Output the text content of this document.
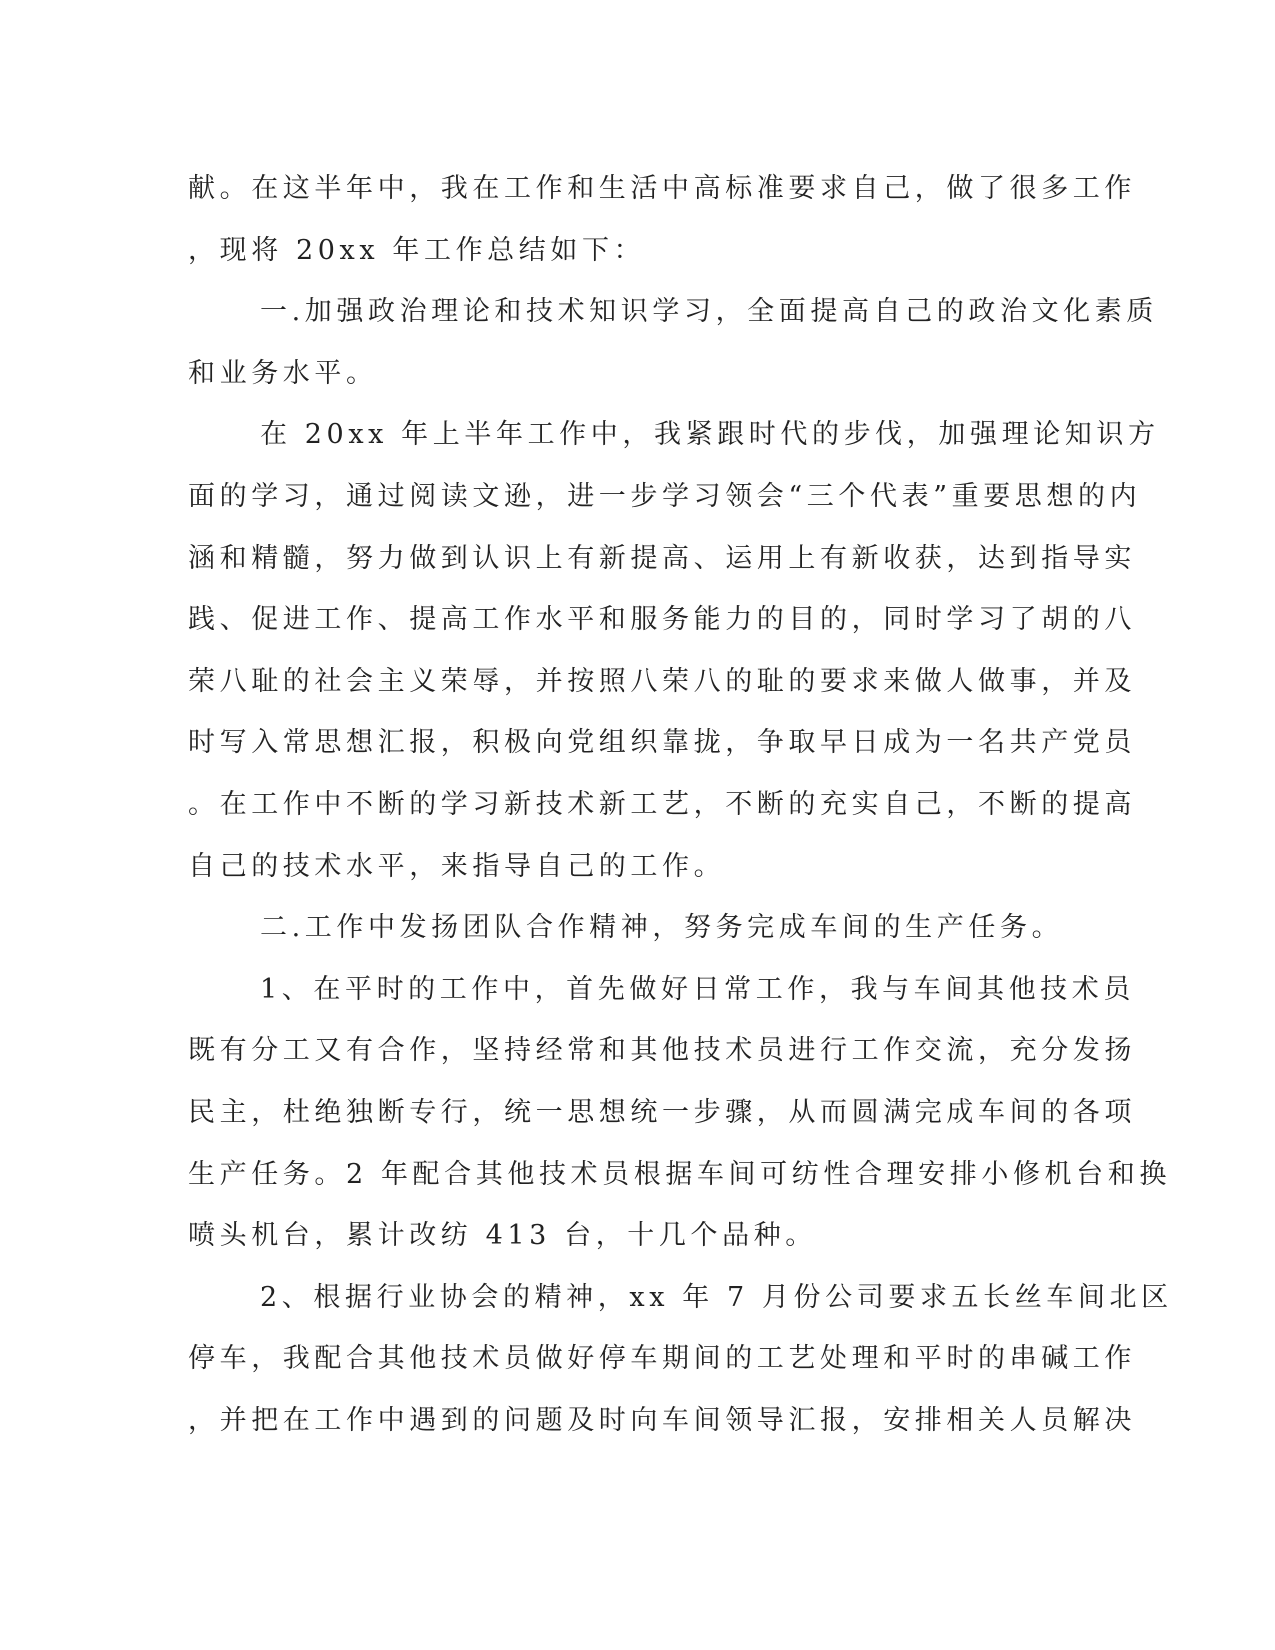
献。在这半年中，我在工作和生活中高标准要求自己，做了很多工作
，现将 20xx 年工作总结如下：
一.加强政治理论和技术知识学习，全面提高自己的政治文化素质
和业务水平。
在 20xx 年上半年工作中，我紧跟时代的步伐，加强理论知识方
面的学习，通过阅读文逊，进一步学习领会“三个代表”重要思想的内
涵和精髓，努力做到认识上有新提高、运用上有新收获，达到指导实
践、促进工作、提高工作水平和服务能力的目的，同时学习了胡的八
荣八耻的社会主义荣辱，并按照八荣八的耻的要求来做人做事，并及
时写入常思想汇报，积极向党组织靠拢，争取早日成为一名共产党员
。在工作中不断的学习新技术新工艺，不断的充实自己，不断的提高
自己的技术水平，来指导自己的工作。
二.工作中发扬团队合作精神，努务完成车间的生产任务。
1、在平时的工作中，首先做好日常工作，我与车间其他技术员
既有分工又有合作，坚持经常和其他技术员进行工作交流，充分发扬
民主，杜绝独断专行，统一思想统一步骤，从而圆满完成车间的各项
生产任务。2 年配合其他技术员根据车间可纺性合理安排小修机台和换
喷头机台，累计改纺 413 台，十几个品种。
2、根据行业协会的精神，xx 年 7 月份公司要求五长丝车间北区
停车，我配合其他技术员做好停车期间的工艺处理和平时的串碱工作
，并把在工作中遇到的问题及时向车间领导汇报，安排相关人员解决
